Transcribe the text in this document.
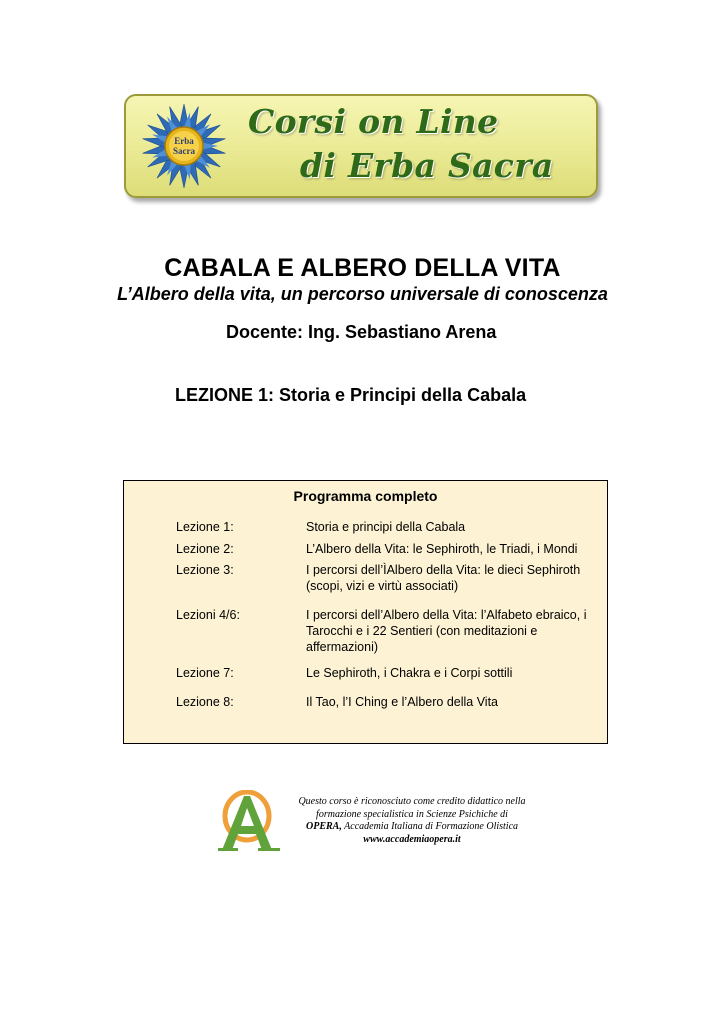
Erba
Sacra
Corsi on Line
di Erba Sacra
CABALA E ALBERO DELLA VITA
L’Albero della vita, un percorso universale di conoscenza
Docente: Ing. Sebastiano Arena
LEZIONE 1: Storia e Principi della Cabala
Programma completo
Lezione 1:	Storia e principi della Cabala
Lezione 2:	L’Albero della Vita: le Sephiroth, le Triadi, i Mondi
Lezione 3:	I percorsi dell’ÌAlbero della Vita: le dieci Sephiroth (scopi, vizi e virtù associati)
Lezioni 4/6:	I percorsi dell’Albero della Vita: l’Alfabeto ebraico, i Tarocchi e i 22 Sentieri (con meditazioni e affermazioni)
Lezione 7:	Le Sephiroth, i Chakra e i Corpi sottili
Lezione 8:	Il Tao, l’I Ching e l’Albero della Vita
Questo corso è riconosciuto come credito didattico nella
formazione specialistica in Scienze Psichiche di
OPERA, Accademia Italiana di Formazione Olistica
www.accademiaopera.it
